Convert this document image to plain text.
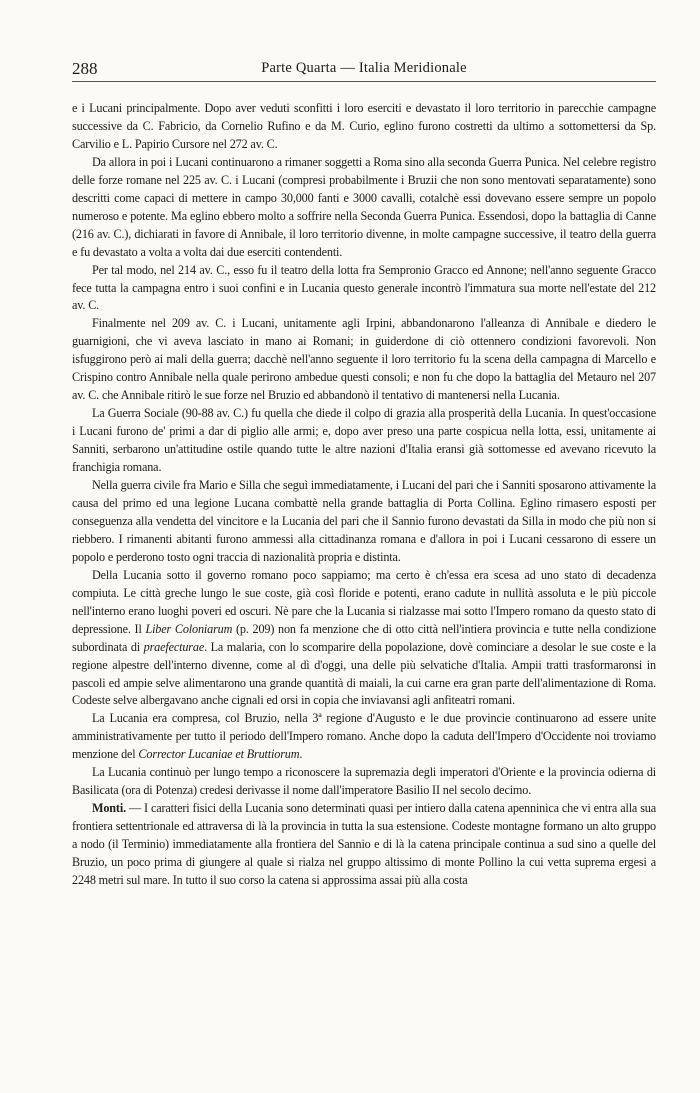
288	Parte Quarta — Italia Meridionale

e i Lucani principalmente. Dopo aver veduti sconfitti i loro eserciti e devastato il loro territorio in parecchie campagne successive da C. Fabricio, da Cornelio Rufino e da M. Curio, eglino furono costretti da ultimo a sottomettersi da Sp. Carvilio e L. Papirio Cursore nel 272 av. C.

Da allora in poi i Lucani continuarono a rimaner soggetti a Roma sino alla seconda Guerra Punica. Nel celebre registro delle forze romane nel 225 av. C. i Lucani (compresi probabilmente i Bruzii che non sono mentovati separatamente) sono descritti come capaci di mettere in campo 30,000 fanti e 3000 cavalli, cotalchè essi dovevano essere sempre un popolo numeroso e potente. Ma eglino ebbero molto a soffrire nella Seconda Guerra Punica. Essendosi, dopo la battaglia di Canne (216 av. C.), dichiarati in favore di Annibale, il loro territorio divenne, in molte campagne successive, il teatro della guerra e fu devastato a volta a volta dai due eserciti contendenti.

Per tal modo, nel 214 av. C., esso fu il teatro della lotta fra Sempronio Gracco ed Annone; nell'anno seguente Gracco fece tutta la campagna entro i suoi confini e in Lucania questo generale incontrò l'immatura sua morte nell'estate del 212 av. C.

Finalmente nel 209 av. C. i Lucani, unitamente agli Irpini, abbandonarono l'alleanza di Annibale e diedero le guarnigioni, che vi aveva lasciato in mano ai Romani; in guiderdone di ciò ottennero condizioni favorevoli. Non isfuggirono però ai mali della guerra; dacchè nell'anno seguente il loro territorio fu la scena della campagna di Marcello e Crispino contro Annibale nella quale perirono ambedue questi consoli; e non fu che dopo la battaglia del Metauro nel 207 av. C. che Annibale ritirò le sue forze nel Bruzio ed abbandonò il tentativo di mantenersi nella Lucania.

La Guerra Sociale (90-88 av. C.) fu quella che diede il colpo di grazia alla prosperità della Lucania. In quest'occasione i Lucani furono de' primi a dar di piglio alle armi; e, dopo aver preso una parte cospicua nella lotta, essi, unitamente ai Sanniti, serbarono un'attitudine ostile quando tutte le altre nazioni d'Italia eransi già sottomesse ed avevano ricevuto la franchigia romana.

Nella guerra civile fra Mario e Silla che seguì immediatamente, i Lucani del pari che i Sanniti sposarono attivamente la causa del primo ed una legione Lucana combattè nella grande battaglia di Porta Collina. Eglino rimasero esposti per conseguenza alla vendetta del vincitore e la Lucania del pari che il Sannio furono devastati da Silla in modo che più non si riebbero. I rimanenti abitanti furono ammessi alla cittadinanza romana e d'allora in poi i Lucani cessarono di essere un popolo e perderono tosto ogni traccia di nazionalità propria e distinta.

Della Lucania sotto il governo romano poco sappiamo; ma certo è ch'essa era scesa ad uno stato di decadenza compiuta. Le città greche lungo le sue coste, già così floride e potenti, erano cadute in nullità assoluta e le più piccole nell'interno erano luoghi poveri ed oscuri. Nè pare che la Lucania si rialzasse mai sotto l'Impero romano da questo stato di depressione. Il Liber Coloniarum (p. 209) non fa menzione che di otto città nell'intiera provincia e tutte nella condizione subordinata di praefecturae. La malaria, con lo scomparire della popolazione, dovè cominciare a desolar le sue coste e la regione alpestre dell'interno divenne, come al dì d'oggi, una delle più selvatiche d'Italia. Ampii tratti trasformaronsi in pascoli ed ampie selve alimentarono una grande quantità di maiali, la cui carne era gran parte dell'alimentazione di Roma. Codeste selve albergavano anche cignali ed orsi in copia che inviavansi agli anfiteatri romani.

La Lucania era compresa, col Bruzio, nella 3ª regione d'Augusto e le due provincie continuarono ad essere unite amministrativamente per tutto il periodo dell'Impero romano. Anche dopo la caduta dell'Impero d'Occidente noi troviamo menzione del Corrector Lucaniae et Bruttiorum.

La Lucania continuò per lungo tempo a riconoscere la supremazia degli imperatori d'Oriente e la provincia odierna di Basilicata (ora di Potenza) credesi derivasse il nome dall'imperatore Basilio II nel secolo decimo.

Monti. — I caratteri fisici della Lucania sono determinati quasi per intiero dalla catena apenninica che vi entra alla sua frontiera settentrionale ed attraversa di là la provincia in tutta la sua estensione. Codeste montagne formano un alto gruppo a nodo (il Terminio) immediatamente alla frontiera del Sannio e di là la catena principale continua a sud sino a quelle del Bruzio, un poco prima di giungere al quale si rialza nel gruppo altissimo di monte Pollino la cui vetta suprema ergesi a 2248 metri sul mare. In tutto il suo corso la catena si approssima assai più alla costa
